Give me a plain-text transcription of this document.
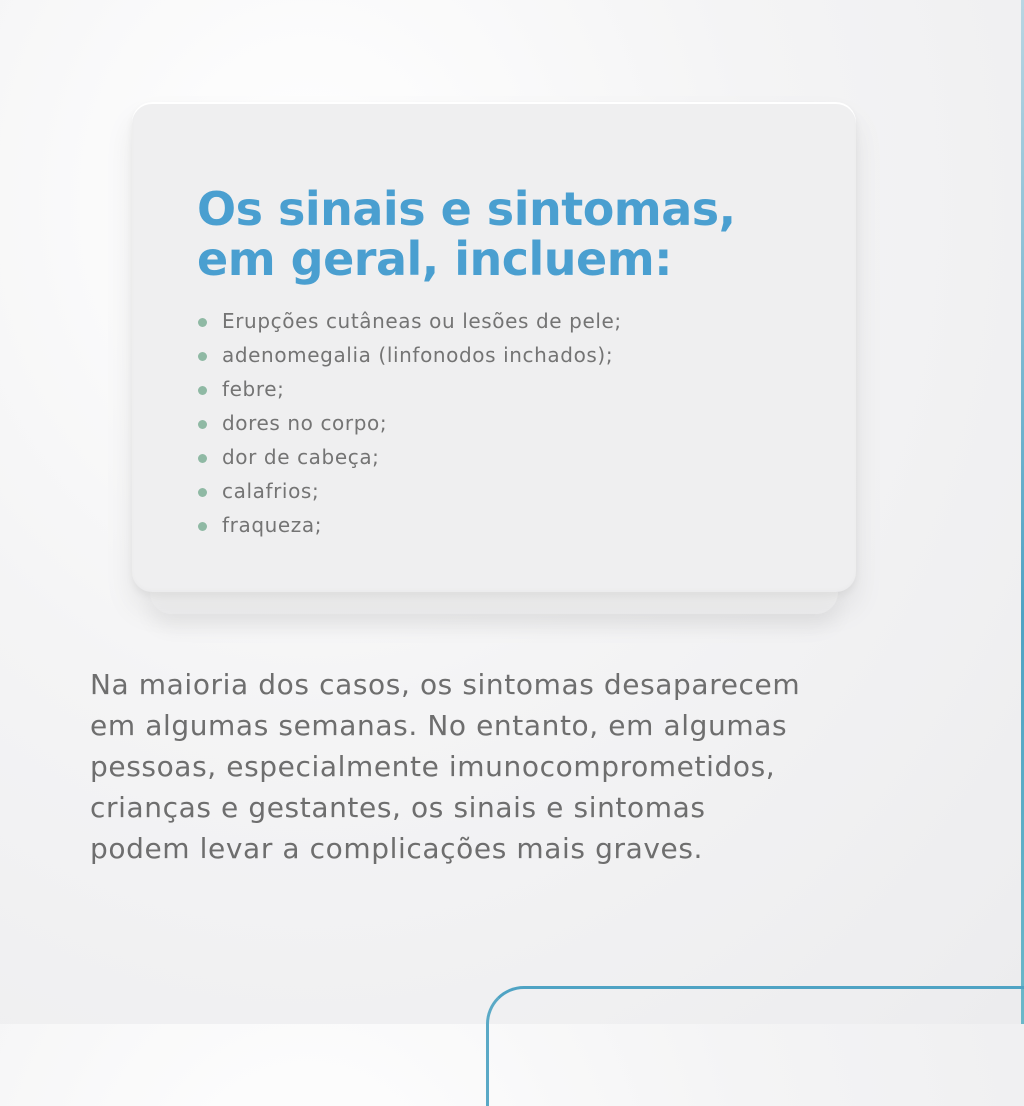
Os sinais e sintomas,
em geral, incluem:
Erupções cutâneas ou lesões de pele;
adenomegalia (linfonodos inchados);
febre;
dores no corpo;
dor de cabeça;
calafrios;
fraqueza;

Na maioria dos casos, os sintomas desaparecem
em algumas semanas. No entanto, em algumas
pessoas, especialmente imunocomprometidos,
crianças e gestantes, os sinais e sintomas
podem levar a complicações mais graves.
